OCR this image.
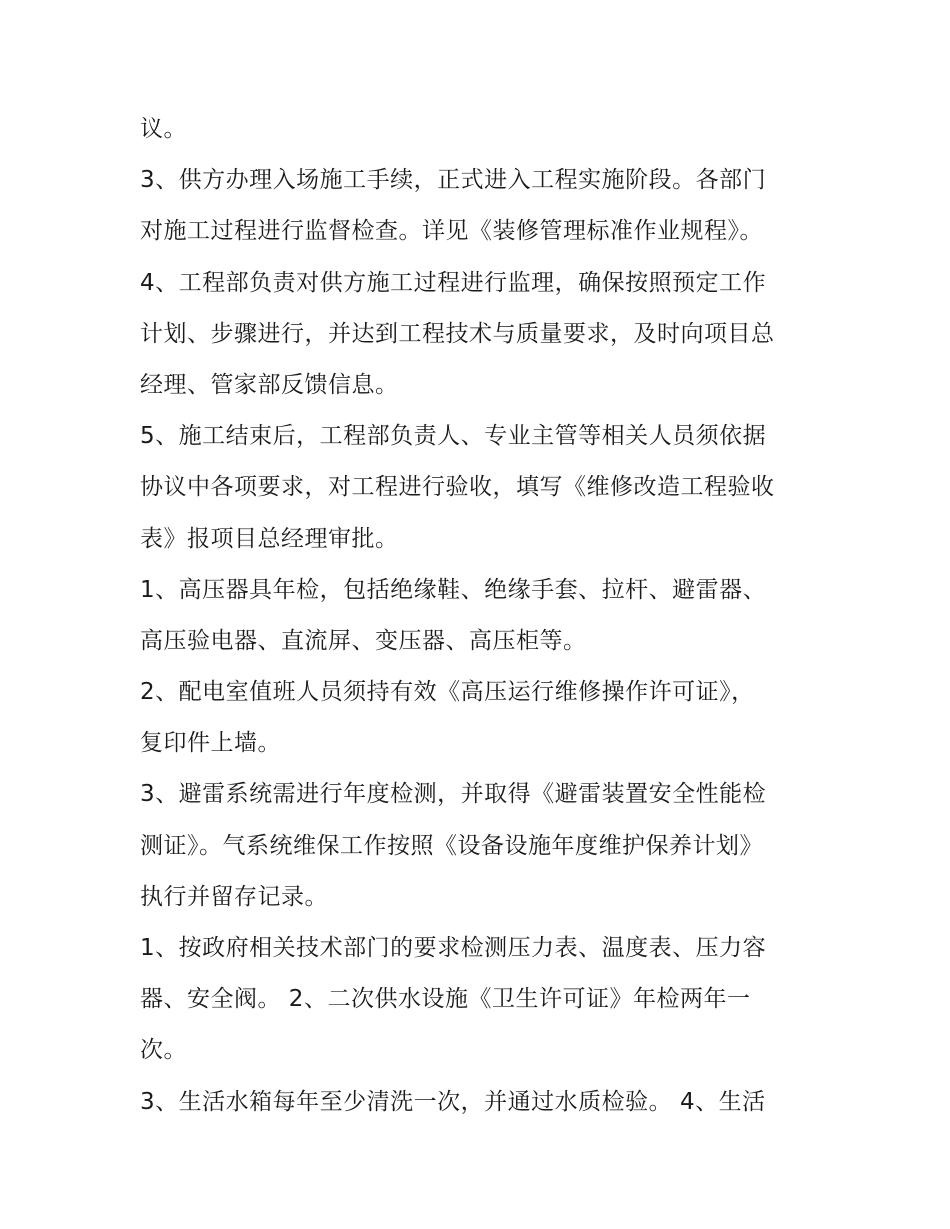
议。
3、供方办理入场施工手续，正式进入工程实施阶段。各部门
对施工过程进行监督检查。详见《装修管理标准作业规程》。
4、工程部负责对供方施工过程进行监理，确保按照预定工作
计划、步骤进行，并达到工程技术与质量要求，及时向项目总
经理、管家部反馈信息。
5、施工结束后，工程部负责人、专业主管等相关人员须依据
协议中各项要求，对工程进行验收，填写《维修改造工程验收
表》报项目总经理审批。
1、高压器具年检，包括绝缘鞋、绝缘手套、拉杆、避雷器、
高压验电器、直流屏、变压器、高压柜等。
2、配电室值班人员须持有效《高压运行维修操作许可证》，
复印件上墙。
3、避雷系统需进行年度检测，并取得《避雷装置安全性能检
测证》。气系统维保工作按照《设备设施年度维护保养计划》
执行并留存记录。
1、按政府相关技术部门的要求检测压力表、温度表、压力容
器、安全阀。 2、二次供水设施《卫生许可证》年检两年一
次。
3、生活水箱每年至少清洗一次，并通过水质检验。 4、生活
